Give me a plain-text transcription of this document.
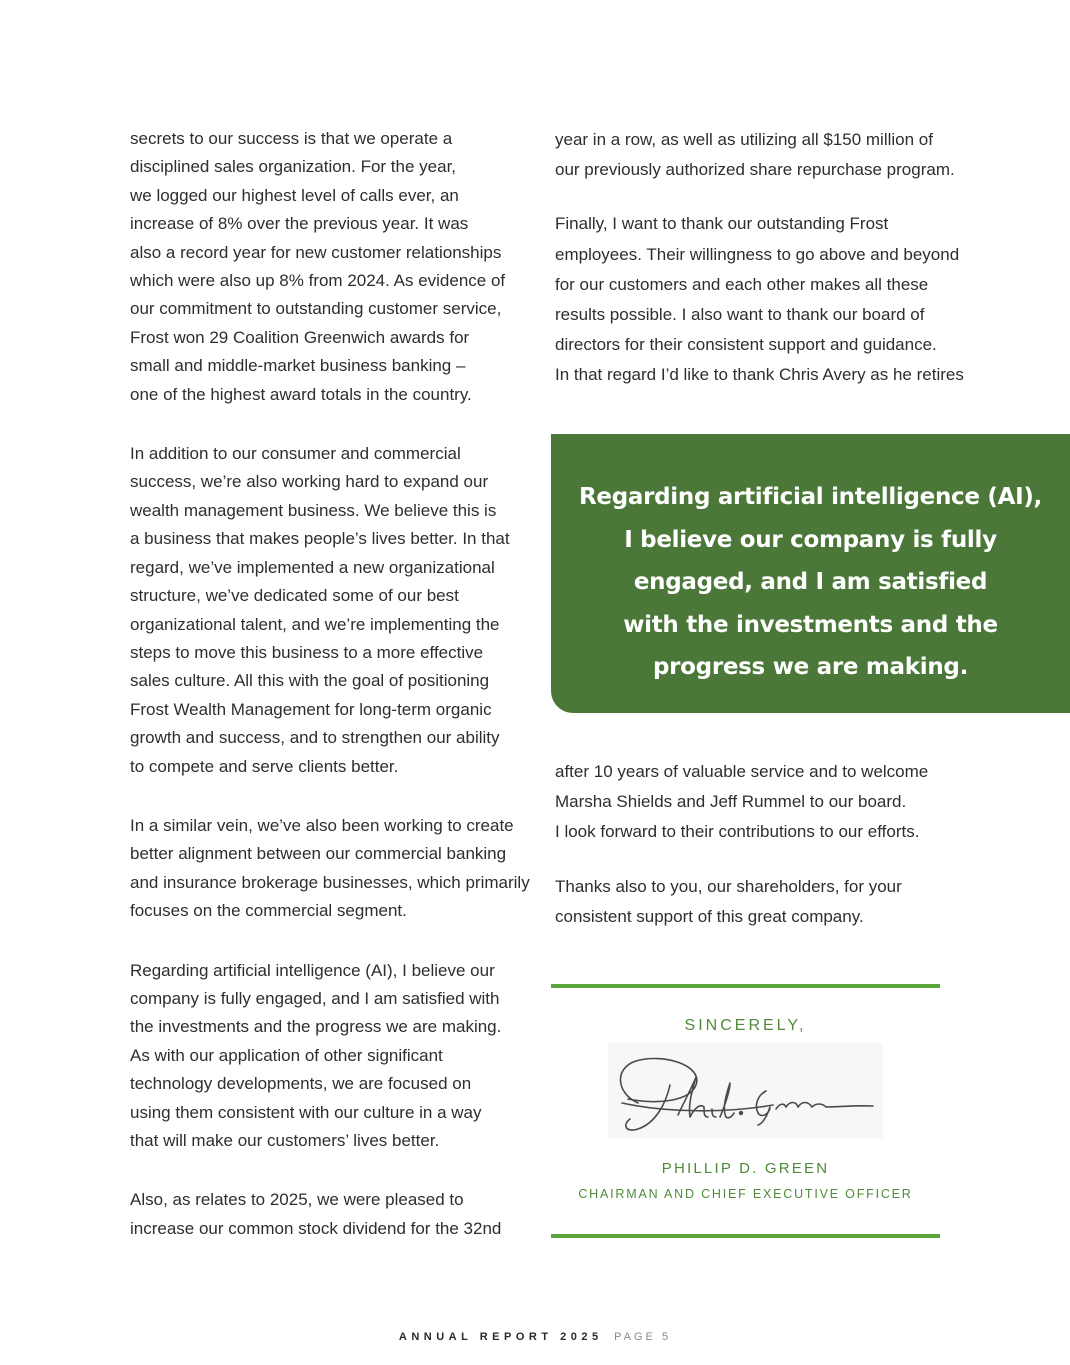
secrets to our success is that we operate a
disciplined sales organization. For the year,
we logged our highest level of calls ever, an
increase of 8% over the previous year. It was
also a record year for new customer relationships
which were also up 8% from 2024. As evidence of
our commitment to outstanding customer service,
Frost won 29 Coalition Greenwich awards for
small and middle-market business banking –
one of the highest award totals in the country.

In addition to our consumer and commercial
success, we’re also working hard to expand our
wealth management business. We believe this is
a business that makes people’s lives better. In that
regard, we’ve implemented a new organizational
structure, we’ve dedicated some of our best
organizational talent, and we’re implementing the
steps to move this business to a more effective
sales culture. All this with the goal of positioning
Frost Wealth Management for long-term organic
growth and success, and to strengthen our ability
to compete and serve clients better.

In a similar vein, we’ve also been working to create
better alignment between our commercial banking
and insurance brokerage businesses, which primarily
focuses on the commercial segment.

Regarding artificial intelligence (AI), I believe our
company is fully engaged, and I am satisfied with
the investments and the progress we are making.
As with our application of other significant
technology developments, we are focused on
using them consistent with our culture in a way
that will make our customers’ lives better.

Also, as relates to 2025, we were pleased to
increase our common stock dividend for the 32nd

year in a row, as well as utilizing all $150 million of
our previously authorized share repurchase program.

Finally, I want to thank our outstanding Frost
employees. Their willingness to go above and beyond
for our customers and each other makes all these
results possible. I also want to thank our board of
directors for their consistent support and guidance.
In that regard I’d like to thank Chris Avery as he retires

Regarding artificial intelligence (AI),
I believe our company is fully
engaged, and I am satisfied
with the investments and the
progress we are making.

after 10 years of valuable service and to welcome
Marsha Shields and Jeff Rummel to our board.
I look forward to their contributions to our efforts.

Thanks also to you, our shareholders, for your
consistent support of this great company.

SINCERELY,
PHILLIP D. GREEN
CHAIRMAN AND CHIEF EXECUTIVE OFFICER
ANNUAL REPORT 2025 PAGE 5
